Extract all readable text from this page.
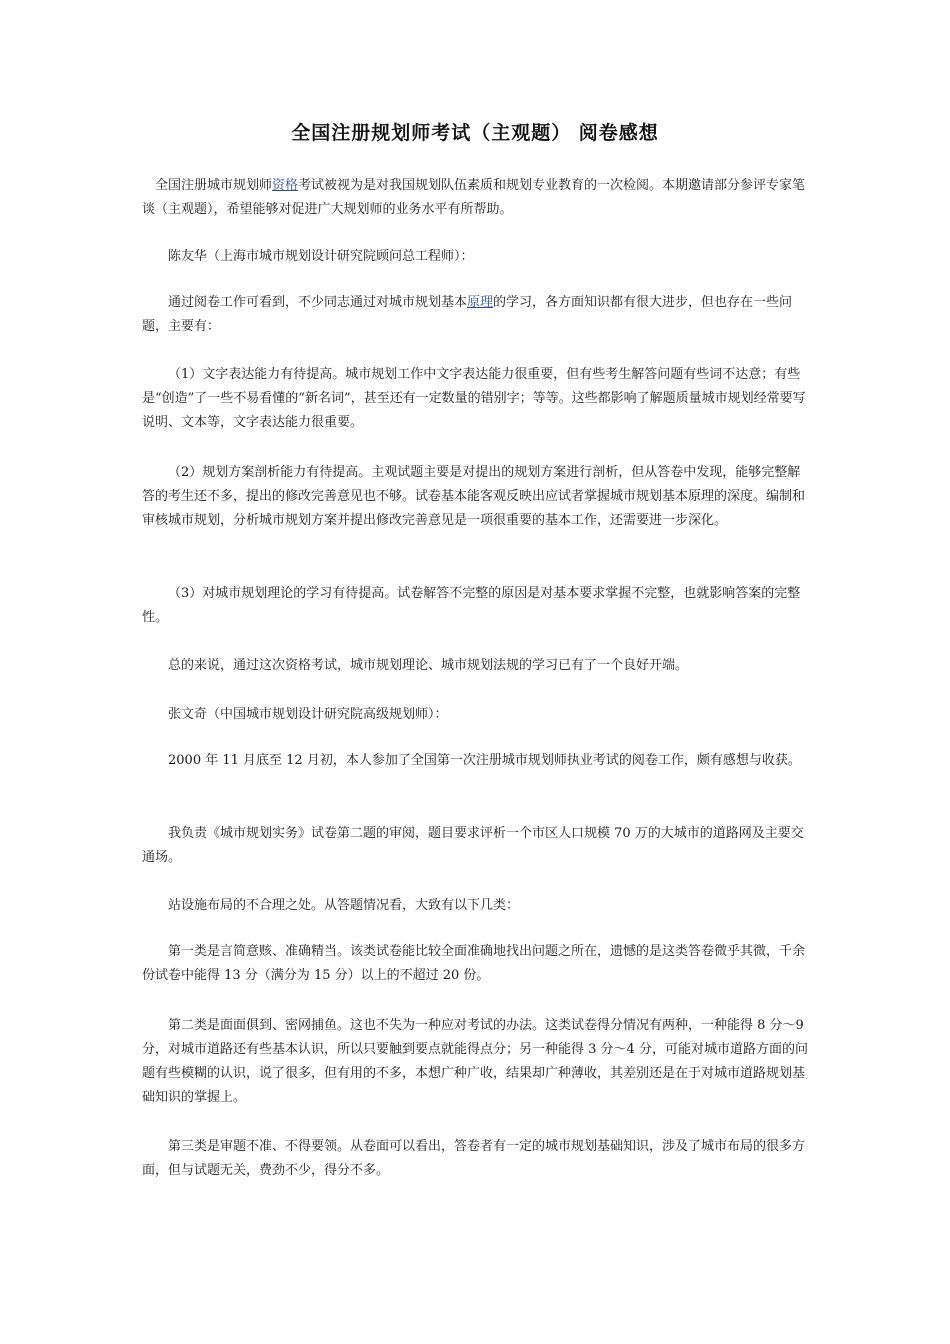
全国注册规划师考试（主观题） 阅卷感想

全国注册城市规划师资格考试被视为是对我国规划队伍素质和规划专业教育的一次检阅。本期邀请部分参评专家笔谈（主观题），希望能够对促进广大规划师的业务水平有所帮助。

陈友华（上海市城市规划设计研究院顾问总工程师）：

通过阅卷工作可看到，不少同志通过对城市规划基本原理的学习，各方面知识都有很大进步，但也存在一些问题，主要有：

（1）文字表达能力有待提高。城市规划工作中文字表达能力很重要，但有些考生解答问题有些词不达意；有些是“创造”了一些不易看懂的“新名词”，甚至还有一定数量的错别字；等等。这些都影响了解题质量城市规划经常要写说明、文本等，文字表达能力很重要。

（2）规划方案剖析能力有待提高。主观试题主要是对提出的规划方案进行剖析，但从答卷中发现，能够完整解答的考生还不多，提出的修改完善意见也不够。试卷基本能客观反映出应试者掌握城市规划基本原理的深度。编制和审核城市规划，分析城市规划方案并提出修改完善意见是一项很重要的基本工作，还需要进一步深化。

（3）对城市规划理论的学习有待提高。试卷解答不完整的原因是对基本要求掌握不完整，也就影响答案的完整性。

总的来说，通过这次资格考试，城市规划理论、城市规划法规的学习已有了一个良好开端。

张文奇（中国城市规划设计研究院高级规划师）：

2000 年 11 月底至 12 月初，本人参加了全国第一次注册城市规划师执业考试的阅卷工作，颇有感想与收获。

我负责《城市规划实务》试卷第二题的审阅，题目要求评析一个市区人口规模 70 万的大城市的道路网及主要交通场。

站设施布局的不合理之处。从答题情况看，大致有以下几类：

第一类是言简意赅、准确精当。该类试卷能比较全面准确地找出问题之所在，遗憾的是这类答卷微乎其微，千余份试卷中能得 13 分（满分为 15 分）以上的不超过 20 份。

第二类是面面俱到、密网捕鱼。这也不失为一种应对考试的办法。这类试卷得分情况有两种，一种能得 8 分～9 分，对城市道路还有些基本认识，所以只要触到要点就能得点分；另一种能得 3 分～4 分，可能对城市道路方面的问题有些模糊的认识，说了很多，但有用的不多，本想广种广收，结果却广种薄收，其差别还是在于对城市道路规划基础知识的掌握上。

第三类是审题不准、不得要领。从卷面可以看出，答卷者有一定的城市规划基础知识，涉及了城市布局的很多方面，但与试题无关，费劲不少，得分不多。
